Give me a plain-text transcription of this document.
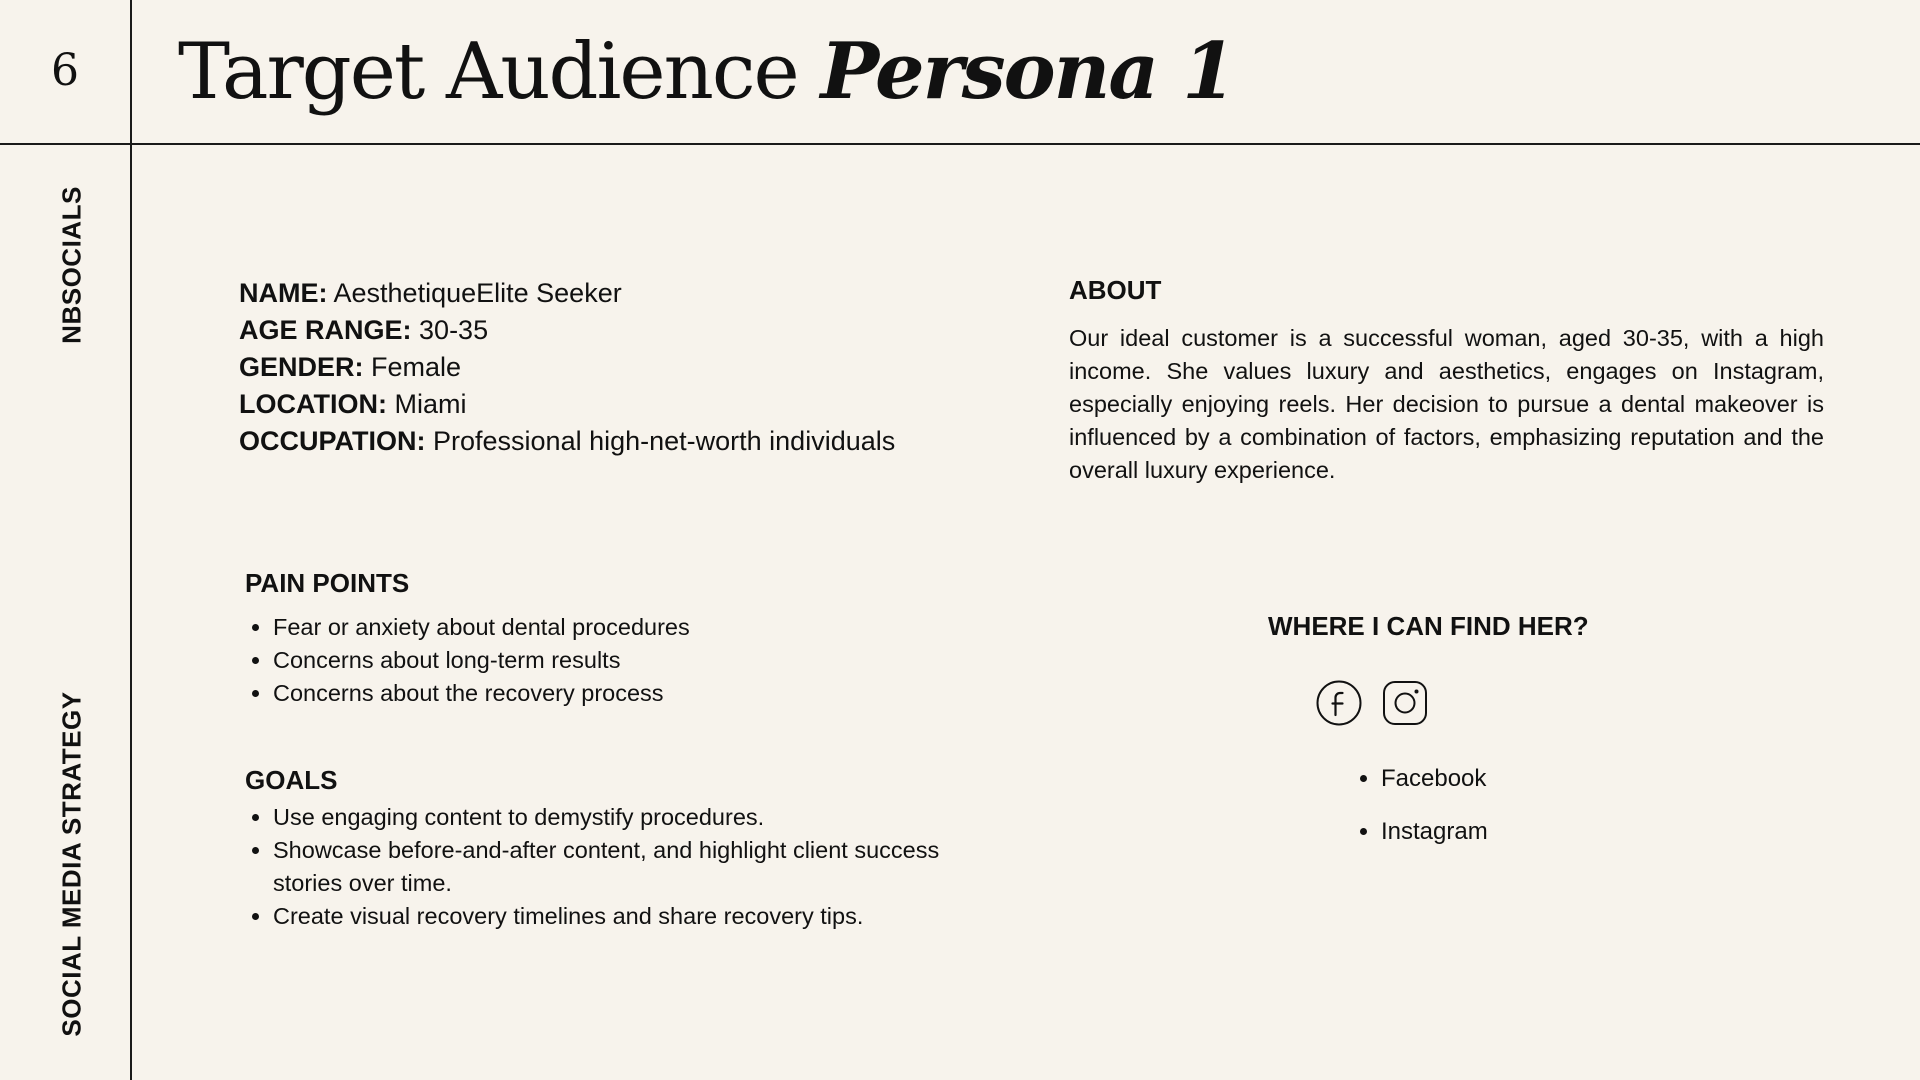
6	Target Audience Persona 1
NBSOCIALS
SOCIAL MEDIA STRATEGY
NAME: AesthetiqueElite Seeker
AGE RANGE: 30-35
GENDER: Female
LOCATION: Miami
OCCUPATION: Professional high-net-worth individuals
ABOUT

Our ideal customer is a successful woman, aged 30-35, with a high income. She values luxury and aesthetics, engages on Instagram, especially enjoying reels. Her decision to pursue a dental makeover is influenced by a combination of factors, emphasizing reputation and the overall luxury experience.

PAIN POINTS
• Fear or anxiety about dental procedures
• Concerns about long-term results
• Concerns about the recovery process
GOALS
• Use engaging content to demystify procedures.
• Showcase before-and-after content, and highlight client success stories over time.
• Create visual recovery timelines and share recovery tips.
WHERE I CAN FIND HER?
• Facebook
• Instagram
